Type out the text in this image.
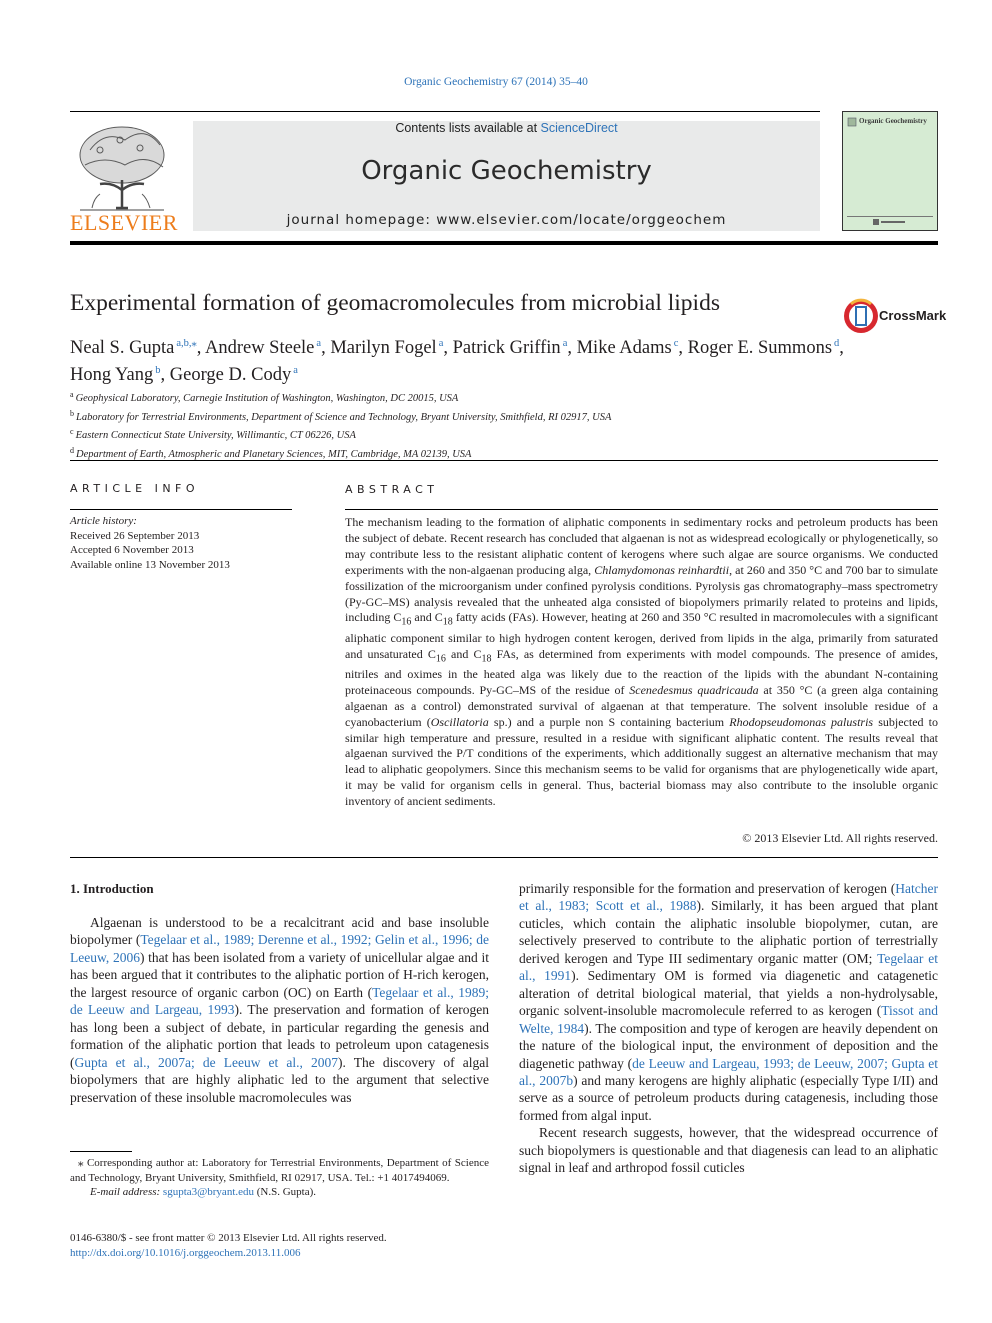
Organic Geochemistry 67 (2014) 35–40
Contents lists available at ScienceDirect
Organic Geochemistry
journal homepage: www.elsevier.com/locate/orggeochem
ELSEVIER
Organic Geochemistry
Experimental formation of geomacromolecules from microbial lipids	CrossMark
Neal S. Gupta $^{a,b,⁎}$, Andrew Steele $^a$, Marilyn Fogel $^a$, Patrick Griffin $^a$, Mike Adams $^c$, Roger E. Summons $^d$,
Hong Yang $^b$, George D. Cody $^a$
$^a$ Geophysical Laboratory, Carnegie Institution of Washington, Washington, DC 20015, USA
$^b$ Laboratory for Terrestrial Environments, Department of Science and Technology, Bryant University, Smithfield, RI 02917, USA
$^c$ Eastern Connecticut State University, Willimantic, CT 06226, USA
$^d$ Department of Earth, Atmospheric and Planetary Sciences, MIT, Cambridge, MA 02139, USA
ARTICLE INFO
Article history:
Received 26 September 2013
Accepted 6 November 2013
Available online 13 November 2013
ABSTRACT
The mechanism leading to the formation of aliphatic components in sedimentary rocks and petroleum products has been the subject of debate. Recent research has concluded that algaenan is not as widespread ecologically or phylogenetically, so may contribute less to the resistant aliphatic content of kerogens where such algae are source organisms. We conducted experiments with the non-algaenan producing alga, Chlamydomonas reinhardtii, at 260 and 350 °C and 700 bar to simulate fossilization of the microorganism under confined pyrolysis conditions. Pyrolysis gas chromatography–mass spectrometry (Py-GC–MS) analysis revealed that the unheated alga consisted of biopolymers primarily related to proteins and lipids, including $C_{16}$ and $C_{18}$ fatty acids (FAs). However, heating at 260 and 350 °C resulted in macromolecules with a significant aliphatic component similar to high hydrogen content kerogen, derived from lipids in the alga, primarily from saturated and unsaturated $C_{16}$ and $C_{18}$ FAs, as determined from experiments with model compounds. The presence of amides, nitriles and oximes in the heated alga was likely due to the reaction of the lipids with the abundant N-containing proteinaceous compounds. Py-GC–MS of the residue of Scenedesmus quadricauda at 350 °C (a green alga containing algaenan as a control) demonstrated survival of algaenan at that temperature. The solvent insoluble residue of a cyanobacterium (Oscillatoria sp.) and a purple non S containing bacterium Rhodopseudomonas palustris subjected to similar high temperature and pressure, resulted in a residue with significant aliphatic content. The results reveal that algaenan survived the P/T conditions of the experiments, which additionally suggest an alternative mechanism that may lead to aliphatic geopolymers. Since this mechanism seems to be valid for organisms that are phylogenetically wide apart, it may be valid for organism cells in general. Thus, bacterial biomass may also contribute to the insoluble organic inventory of ancient sediments.
© 2013 Elsevier Ltd. All rights reserved.
1. Introduction

Algaenan is understood to be a recalcitrant acid and base insoluble biopolymer (Tegelaar et al., 1989; Derenne et al., 1992; Gelin et al., 1996; de Leeuw, 2006) that has been isolated from a variety of unicellular algae and it has been argued that it contributes to the aliphatic portion of H-rich kerogen, the largest resource of organic carbon (OC) on Earth (Tegelaar et al., 1989; de Leeuw and Largeau, 1993). The preservation and formation of kerogen has long been a subject of debate, in particular regarding the genesis and formation of the aliphatic portion that leads to petroleum upon catagenesis (Gupta et al., 2007a; de Leeuw et al., 2007). The discovery of algal biopolymers that are highly aliphatic led to the argument that selective preservation of these insoluble macromolecules was

primarily responsible for the formation and preservation of kerogen (Hatcher et al., 1983; Scott et al., 1988). Similarly, it has been argued that plant cuticles, which contain the aliphatic insoluble biopolymer, cutan, are selectively preserved to contribute to the aliphatic portion of terrestrially derived kerogen and Type III sedimentary organic matter (OM; Tegelaar et al., 1991). Sedimentary OM is formed via diagenetic and catagenetic alteration of detrital biological material, that yields a non-hydrolysable, organic solvent-insoluble macromolecule referred to as kerogen (Tissot and Welte, 1984). The composition and type of kerogen are heavily dependent on the nature of the biological input, the environment of deposition and the diagenetic pathway (de Leeuw and Largeau, 1993; de Leeuw, 2007; Gupta et al., 2007b) and many kerogens are highly aliphatic (especially Type I/II) and serve as a source of petroleum products during catagenesis, including those formed from algal input.

Recent research suggests, however, that the widespread occurrence of such biopolymers is questionable and that diagenesis can lead to an aliphatic signal in leaf and arthropod fossil cuticles

⁎ Corresponding author at: Laboratory for Terrestrial Environments, Department of Science and Technology, Bryant University, Smithfield, RI 02917, USA. Tel.: +1 4017494069.
E-mail address: sgupta3@bryant.edu (N.S. Gupta).
0146-6380/$ - see front matter © 2013 Elsevier Ltd. All rights reserved.
http://dx.doi.org/10.1016/j.orggeochem.2013.11.006
